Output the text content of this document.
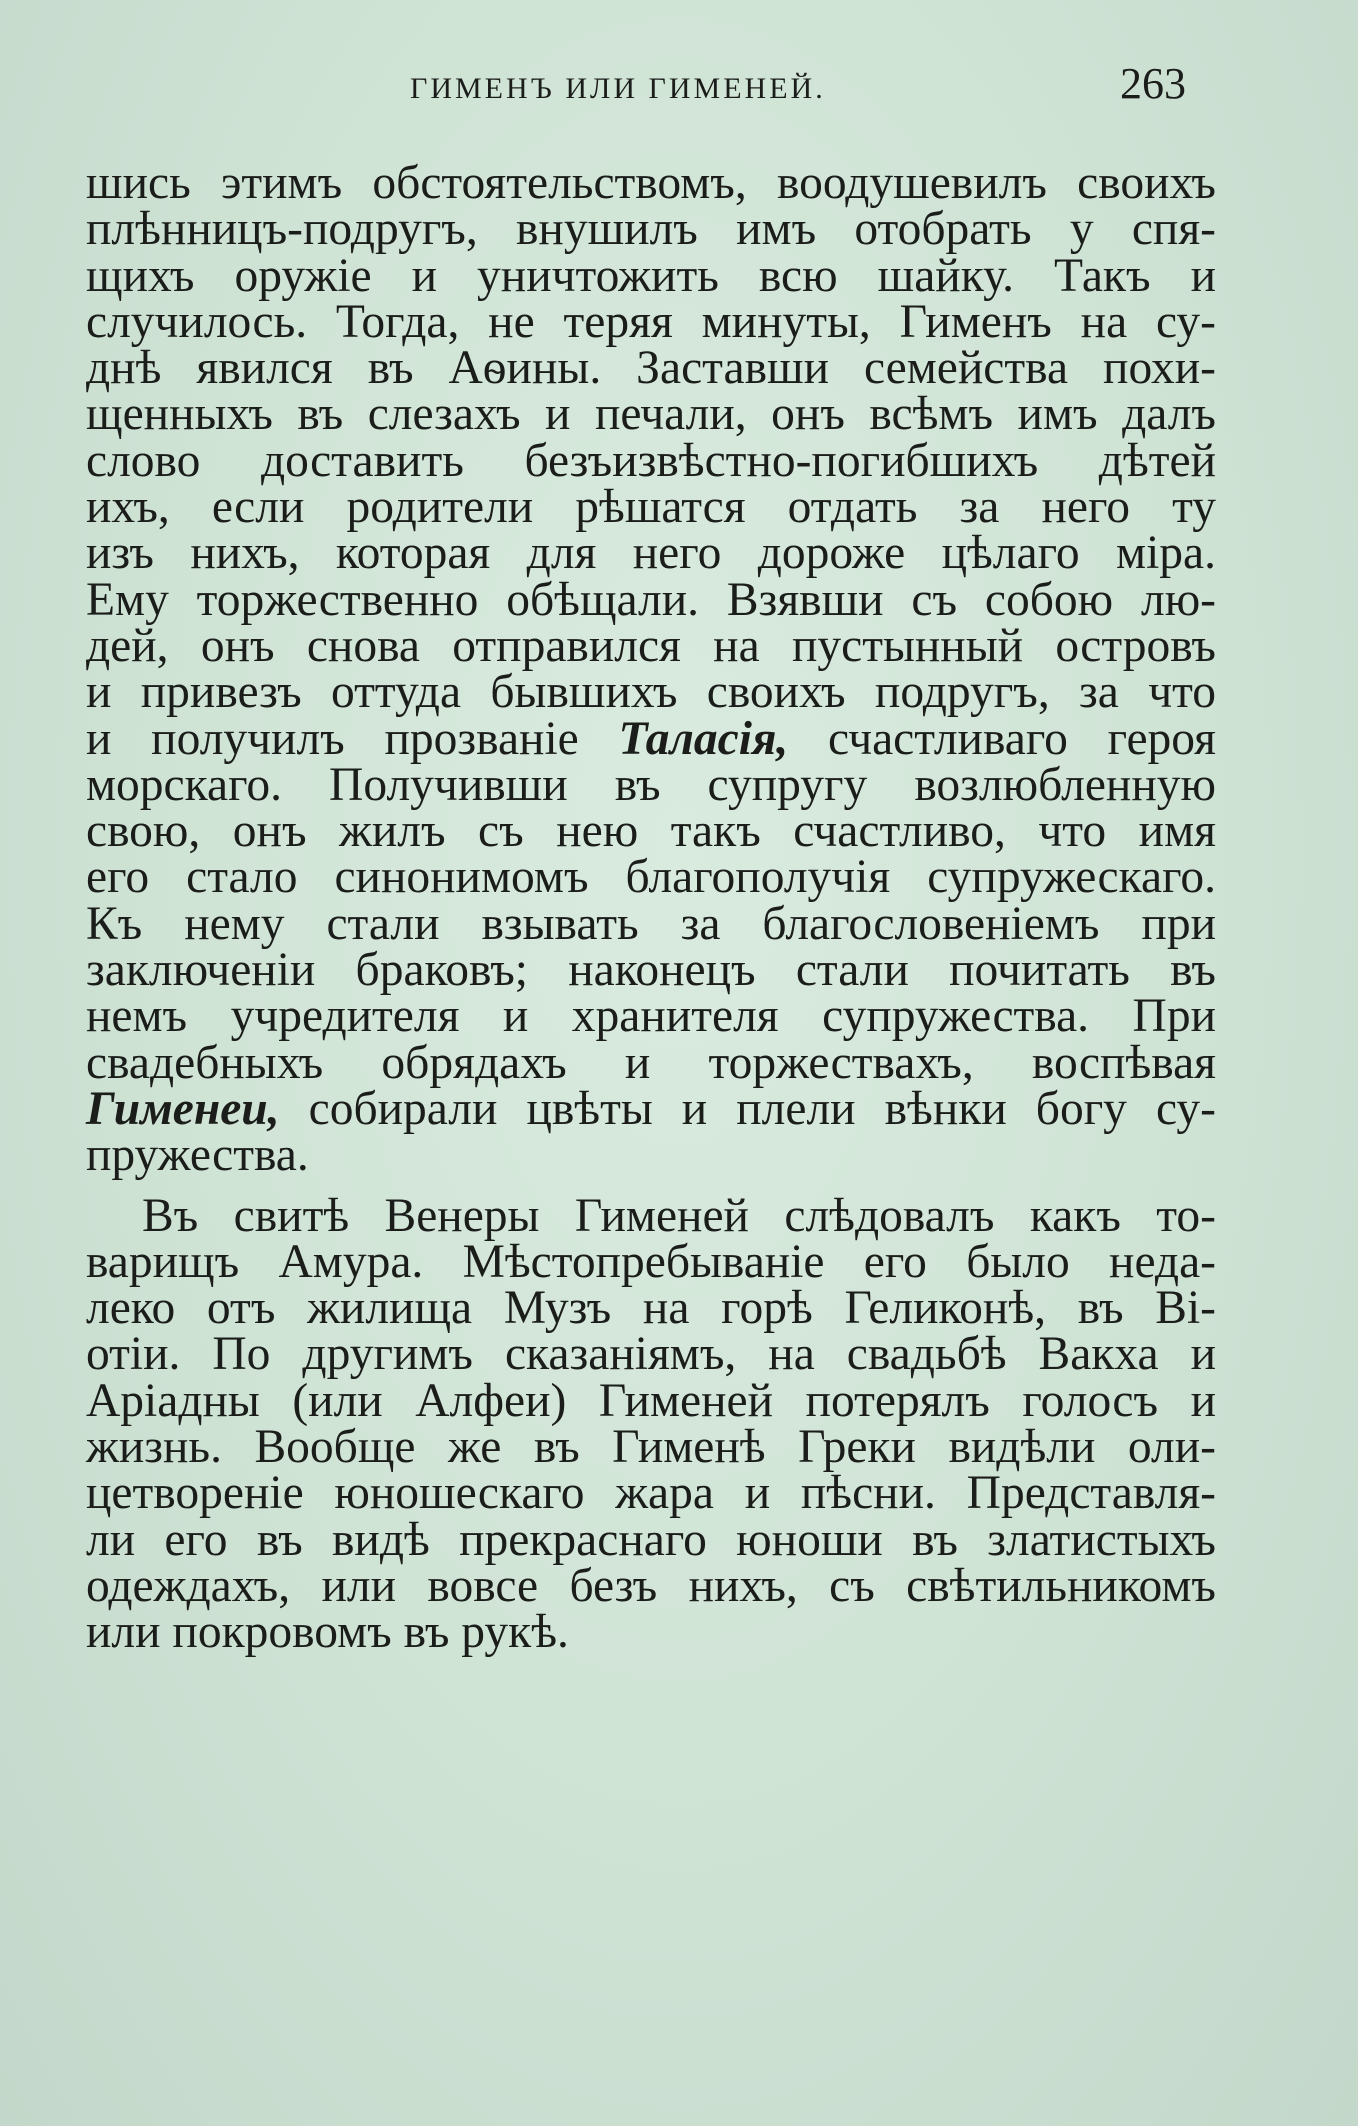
ГИМЕНЪ ИЛИ ГИМЕНЕЙ.	263
шись этимъ обстоятельствомъ, воодушевилъ своихъ
плѣнницъ-подругъ, внушилъ имъ отобрать у спя-
щихъ оружіе и уничтожить всю шайку. Такъ и
случилось. Тогда, не теряя минуты, Гименъ на су-
днѣ явился въ Аѳины. Заставши семейства похи-
щенныхъ въ слезахъ и печали, онъ всѣмъ имъ далъ
слово доставить безъизвѣстно-погибшихъ дѣтей
ихъ, если родители рѣшатся отдать за него ту
изъ нихъ, которая для него дороже цѣлаго міра.
Ему торжественно обѣщали. Взявши съ собою лю-
дей, онъ снова отправился на пустынный островъ
и привезъ оттуда бывшихъ своихъ подругъ, за что
и получилъ прозваніе Таласія, счастливаго героя
морскаго. Получивши въ супругу возлюбленную
свою, онъ жилъ съ нею такъ счастливо, что имя
его стало синонимомъ благополучія супружескаго.
Къ нему стали взывать за благословеніемъ при
заключеніи браковъ; наконецъ стали почитать въ
немъ учредителя и хранителя супружества. При
свадебныхъ обрядахъ и торжествахъ, воспѣвая
Гименеи, собирали цвѣты и плели вѣнки богу су-
пружества.
Въ свитѣ Венеры Гименей слѣдовалъ какъ то-
варищъ Амура. Мѣстопребываніе его было неда-
леко отъ жилища Музъ на горѣ Геликонѣ, въ Ві-
отіи. По другимъ сказаніямъ, на свадьбѣ Вакха и
Аріадны (или Алфеи) Гименей потерялъ голосъ и
жизнь. Вообще же въ Гименѣ Греки видѣли оли-
цетвореніе юношескаго жара и пѣсни. Представля-
ли его въ видѣ прекраснаго юноши въ златистыхъ
одеждахъ, или вовсе безъ нихъ, съ свѣтильникомъ
или покровомъ въ рукѣ.
